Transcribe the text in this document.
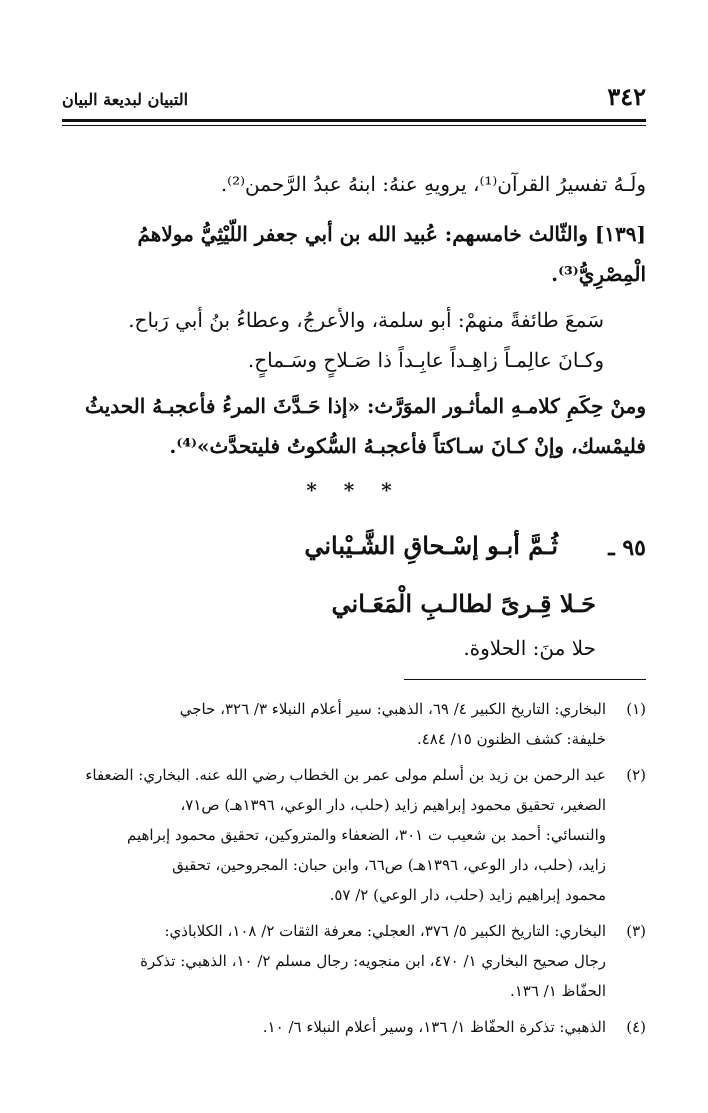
٣٤٢
التبيان لبديعة البيان
ولَـهُ تفسيرُ القرآن⁽¹⁾، يرويهِ عنهُ: ابنهُ عبدُ الرَّحمن⁽²⁾.
[١٣٩] والثّالث خامسهم: عُبيد الله بن أبي جعفر اللّيْثِيُّ مولاهمُ
الْمِصْرِيُّ⁽³⁾.
سَمعَ طائفةً منهمْ: أبو سلمة، والأعرجُ، وعطاءُ بنُ أبي رَباح.
وكـانَ عالِمـاً زاهِـداً عابِـداً ذا صَـلاحٍ وسَـماحٍ.
ومنْ حِكَمِ كلامـهِ المأثـور الموَرَّث: «إذا حَـدَّثَ المرءُ فأعجبـهُ الحديثُ
فليمْسك، وإنْ كـانَ سـاكتاً فأعجبـهُ السُّكوتُ فليتحدَّث»⁽⁴⁾.
* * *
٩٥ ـ
ثُـمَّ أبـو إسْـحاقِ الشَّـيْباني
حَـلا قِـرىً لطالـبِ الْمَعَـاني
حلا منَ: الحلاوة.
(١)
البخاري: التاريخ الكبير ٤/ ٦٩، الذهبي: سير أعلام النبلاء ٣/ ٣٢٦، حاجي
خليفة: كشف الظنون ١٥/ ٤٨٤.
(٢)
عبد الرحمن بن زيد بن أسلم مولى عمر بن الخطاب رضي الله عنه. البخاري: الضعفاء
الصغير، تحقيق محمود إبراهيم زايد (حلب، دار الوعي، ١٣٩٦هـ) ص٧١،
والنسائي: أحمد بن شعيب ت ٣٠١، الضعفاء والمتروكين، تحقيق محمود إبراهيم
زايد، (حلب، دار الوعي، ١٣٩٦هـ) ص٦٦، وابن حبان: المجروحين، تحقيق
محمود إبراهيم زايد (حلب، دار الوعي) ٢/ ٥٧.
(٣)
البخاري: التاريخ الكبير ٥/ ٣٧٦، العجلي: معرفة الثقات ٢/ ١٠٨، الكلاباذي:
رجال صحيح البخاري ١/ ٤٧٠، ابن منجويه: رجال مسلم ٢/ ١٠، الذهبي: تذكرة
الحفّاظ ١/ ١٣٦.
(٤)
الذهبي: تذكرة الحفّاظ ١/ ١٣٦، وسير أعلام النبلاء ٦/ ١٠.
